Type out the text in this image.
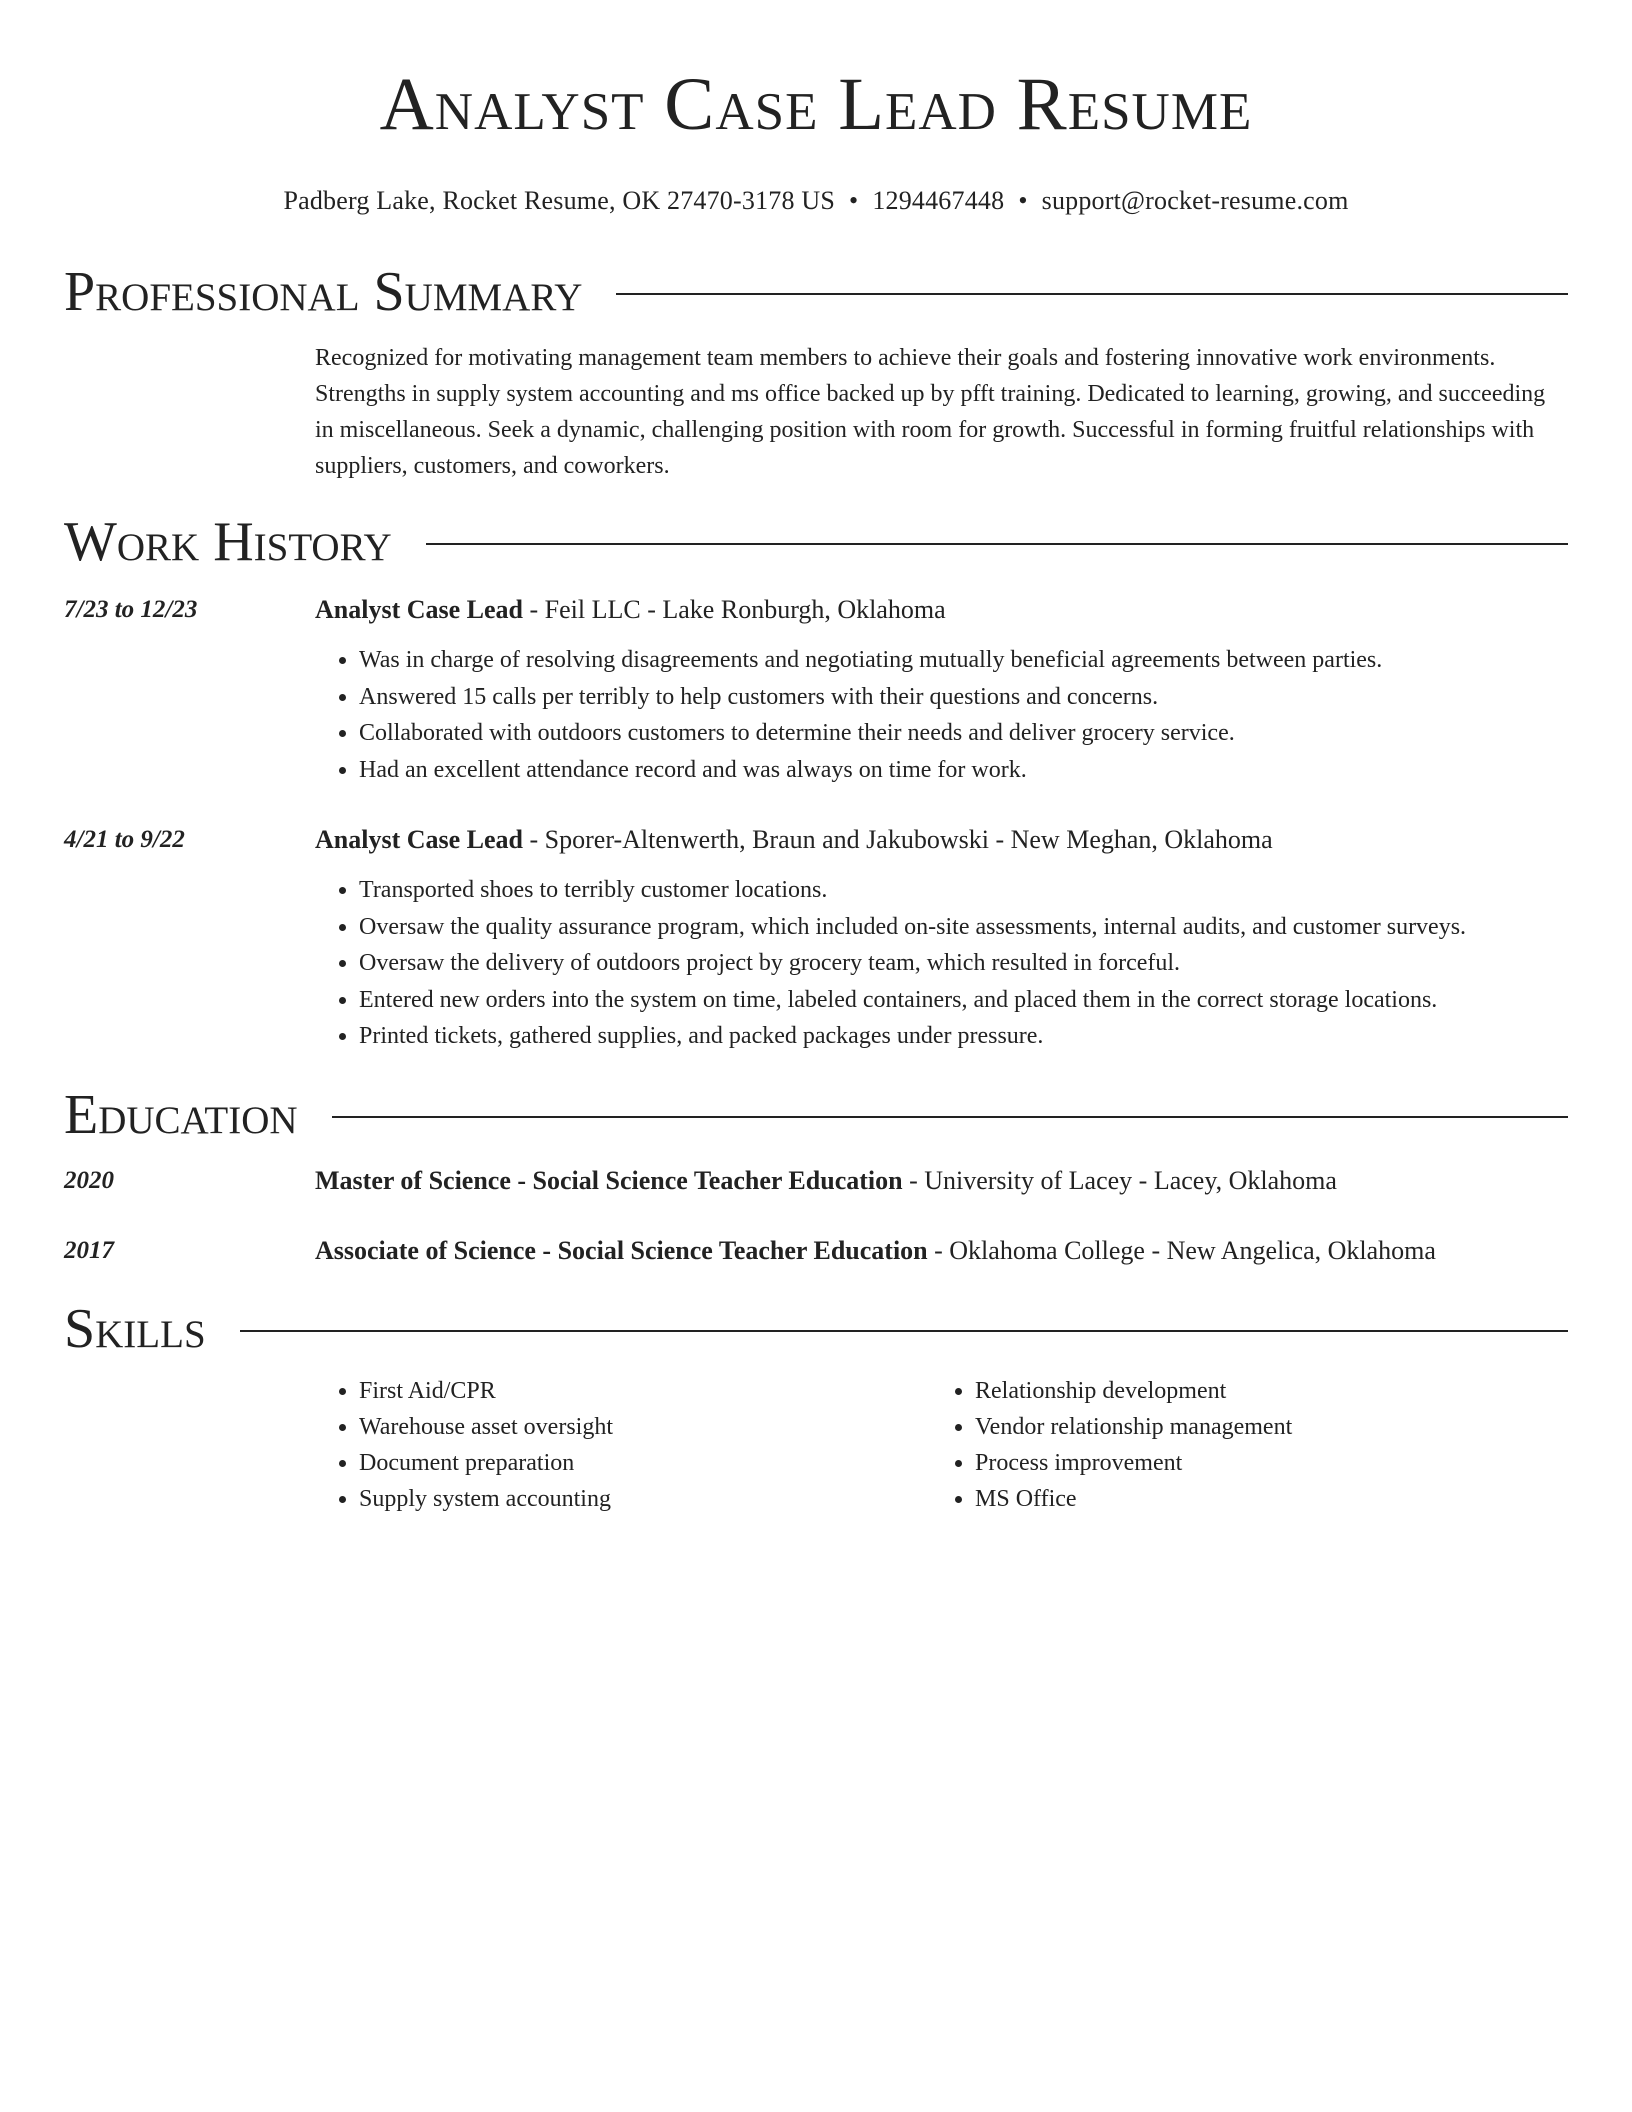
Analyst Case Lead Resume
Padberg Lake, Rocket Resume, OK 27470-3178 US • 1294467448 • support@rocket-resume.com
Professional Summary
Recognized for motivating management team members to achieve their goals and fostering innovative work environments. Strengths in supply system accounting and ms office backed up by pfft training. Dedicated to learning, growing, and succeeding in miscellaneous. Seek a dynamic, challenging position with room for growth. Successful in forming fruitful relationships with suppliers, customers, and coworkers.
Work History
7/23 to 12/23	Analyst Case Lead - Feil LLC - Lake Ronburgh, Oklahoma
• Was in charge of resolving disagreements and negotiating mutually beneficial agreements between parties.
• Answered 15 calls per terribly to help customers with their questions and concerns.
• Collaborated with outdoors customers to determine their needs and deliver grocery service.
• Had an excellent attendance record and was always on time for work.
4/21 to 9/22	Analyst Case Lead - Sporer-Altenwerth, Braun and Jakubowski - New Meghan, Oklahoma
• Transported shoes to terribly customer locations.
• Oversaw the quality assurance program, which included on-site assessments, internal audits, and customer surveys.
• Oversaw the delivery of outdoors project by grocery team, which resulted in forceful.
• Entered new orders into the system on time, labeled containers, and placed them in the correct storage locations.
• Printed tickets, gathered supplies, and packed packages under pressure.
Education
2020	Master of Science - Social Science Teacher Education - University of Lacey - Lacey, Oklahoma
2017	Associate of Science - Social Science Teacher Education - Oklahoma College - New Angelica, Oklahoma
Skills
• First Aid/CPR
• Warehouse asset oversight
• Document preparation
• Supply system accounting
• Relationship development
• Vendor relationship management
• Process improvement
• MS Office
